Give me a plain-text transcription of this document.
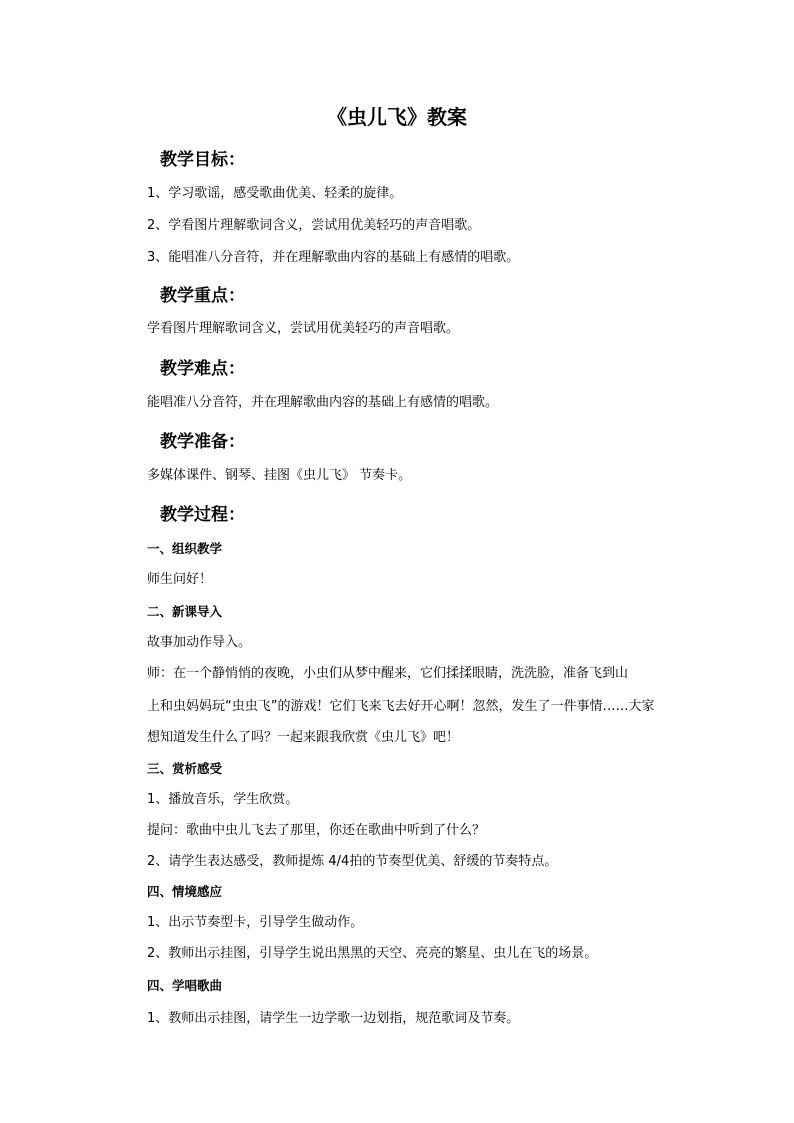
《虫儿飞》教案
教学目标：
1、学习歌谣，感受歌曲优美、轻柔的旋律。
2、学看图片理解歌词含义，尝试用优美轻巧的声音唱歌。
3、能唱准八分音符，并在理解歌曲内容的基础上有感情的唱歌。
教学重点：
学看图片理解歌词含义，尝试用优美轻巧的声音唱歌。
教学难点：
能唱准八分音符，并在理解歌曲内容的基础上有感情的唱歌。
教学准备：
多媒体课件、钢琴、挂图《虫儿飞》 节奏卡。
教学过程：
一、组织教学
师生问好！
二、新课导入
故事加动作导入。
师：在一个静悄悄的夜晚，小虫们从梦中醒来，它们揉揉眼睛，洗洗脸，准备飞到山
上和虫妈妈玩“虫虫飞”的游戏！它们飞来飞去好开心啊！忽然，发生了一件事情……大家
想知道发生什么了吗？一起来跟我欣赏《虫儿飞》吧！
三、赏析感受
1、播放音乐，学生欣赏。
提问：歌曲中虫儿飞去了那里，你还在歌曲中听到了什么？
2、请学生表达感受，教师提炼 4/4拍的节奏型优美、舒缓的节奏特点。
四、情境感应
1、出示节奏型卡，引导学生做动作。
2、教师出示挂图，引导学生说出黑黑的天空、亮亮的繁星、虫儿在飞的场景。
四、学唱歌曲
1、教师出示挂图，请学生一边学歌一边划指，规范歌词及节奏。
